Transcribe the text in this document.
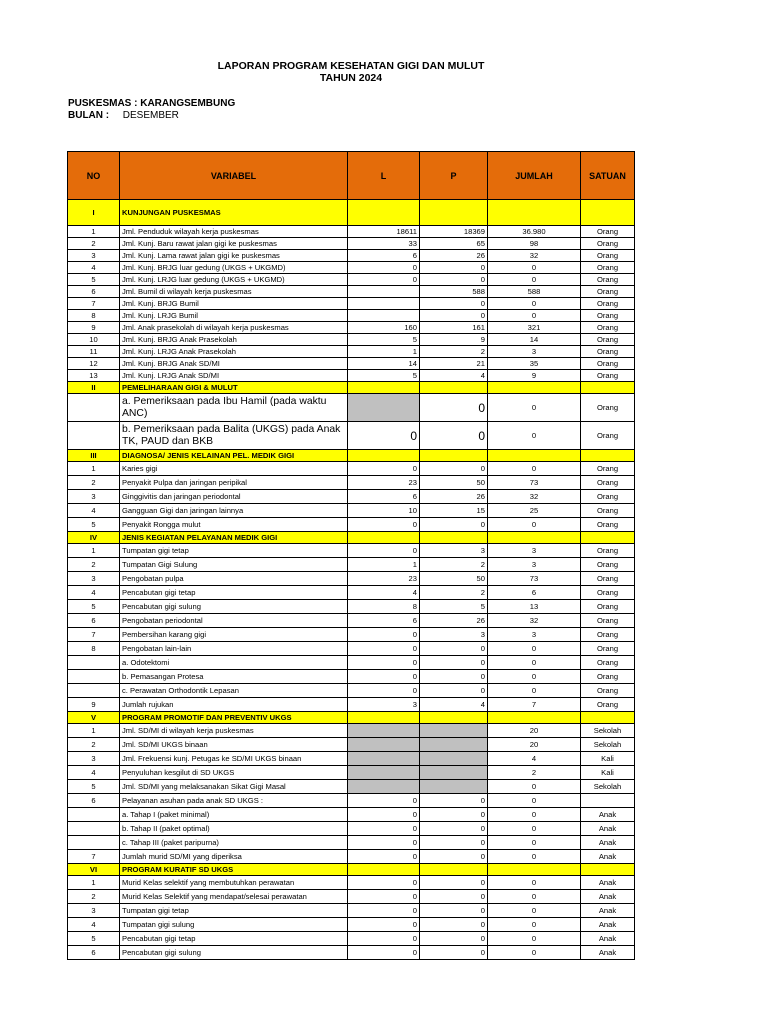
LAPORAN PROGRAM KESEHATAN GIGI DAN MULUT
TAHUN 2024
PUSKESMAS : KARANGSEMBUNG
BULAN : DESEMBER
NO	VARIABEL	L	P	JUMLAH	SATUAN
I	KUNJUNGAN PUSKESMAS				
1	Jml. Penduduk wilayah kerja puskesmas	18611	18369	36.980	Orang
2	Jml. Kunj. Baru rawat jalan gigi ke puskesmas	33	65	98	Orang
3	Jml. Kunj. Lama rawat jalan gigi ke puskesmas	6	26	32	Orang
4	Jml. Kunj. BRJG luar gedung (UKGS + UKGMD)	0	0	0	Orang
5	Jml. Kunj. LRJG luar gedung (UKGS + UKGMD)	0	0	0	Orang
6	Jml. Bumil di wilayah kerja puskesmas		588	588	Orang
7	Jml. Kunj. BRJG Bumil		0	0	Orang
8	Jml. Kunj. LRJG Bumil		0	0	Orang
9	Jml. Anak prasekolah di wilayah kerja puskesmas	160	161	321	Orang
10	Jml. Kunj. BRJG Anak Prasekolah	5	9	14	Orang
11	Jml. Kunj. LRJG Anak Prasekolah	1	2	3	Orang
12	Jml. Kunj. BRJG Anak SD/MI	14	21	35	Orang
13	Jml. Kunj. LRJG Anak SD/MI	5	4	9	Orang
II	PEMELIHARAAN GIGI & MULUT				
	a. Pemeriksaan pada Ibu Hamil (pada waktu ANC)		0	0	Orang
	b. Pemeriksaan pada Balita (UKGS) pada Anak TK, PAUD dan BKB	0	0	0	Orang
III	DIAGNOSA/ JENIS KELAINAN PEL. MEDIK GIGI				
1	Karies gigi	0	0	0	Orang
2	Penyakit Pulpa dan jaringan peripikal	23	50	73	Orang
3	Ginggivitis dan jaringan periodontal	6	26	32	Orang
4	Gangguan Gigi dan jaringan lainnya	10	15	25	Orang
5	Penyakit Rongga mulut	0	0	0	Orang
IV	JENIS KEGIATAN PELAYANAN MEDIK GIGI				
1	Tumpatan gigi tetap	0	3	3	Orang
2	Tumpatan Gigi Sulung	1	2	3	Orang
3	Pengobatan pulpa	23	50	73	Orang
4	Pencabutan gigi tetap	4	2	6	Orang
5	Pencabutan gigi sulung	8	5	13	Orang
6	Pengobatan periodontal	6	26	32	Orang
7	Pembersihan karang gigi	0	3	3	Orang
8	Pengobatan lain-lain	0	0	0	Orang
	a. Odotektomi	0	0	0	Orang
	b. Pemasangan Protesa	0	0	0	Orang
	c. Perawatan Orthodontik Lepasan	0	0	0	Orang
9	Jumlah rujukan	3	4	7	Orang
V	PROGRAM PROMOTIF DAN PREVENTIV UKGS				
1	Jml. SD/MI di wilayah kerja puskesmas			20	Sekolah
2	Jml. SD/MI UKGS binaan			20	Sekolah
3	Jml. Frekuensi kunj. Petugas ke SD/MI UKGS binaan			4	Kali
4	Penyuluhan kesgilut di SD UKGS			2	Kali
5	Jml. SD/MI yang melaksanakan Sikat Gigi Masal			0	Sekolah
6	Pelayanan asuhan pada anak SD UKGS :	0	0	0	
	a. Tahap I (paket minimal)	0	0	0	Anak
	b. Tahap II (paket optimal)	0	0	0	Anak
	c. Tahap III (paket paripurna)	0	0	0	Anak
7	Jumlah murid SD/MI yang diperiksa	0	0	0	Anak
VI	PROGRAM KURATIF SD UKGS				
1	Murid Kelas selektif yang membutuhkan perawatan	0	0	0	Anak
2	Murid Kelas Selektif yang mendapat/selesai perawatan	0	0	0	Anak
3	Tumpatan gigi tetap	0	0	0	Anak
4	Tumpatan gigi sulung	0	0	0	Anak
5	Pencabutan gigi tetap	0	0	0	Anak
6	Pencabutan gigi sulung	0	0	0	Anak
